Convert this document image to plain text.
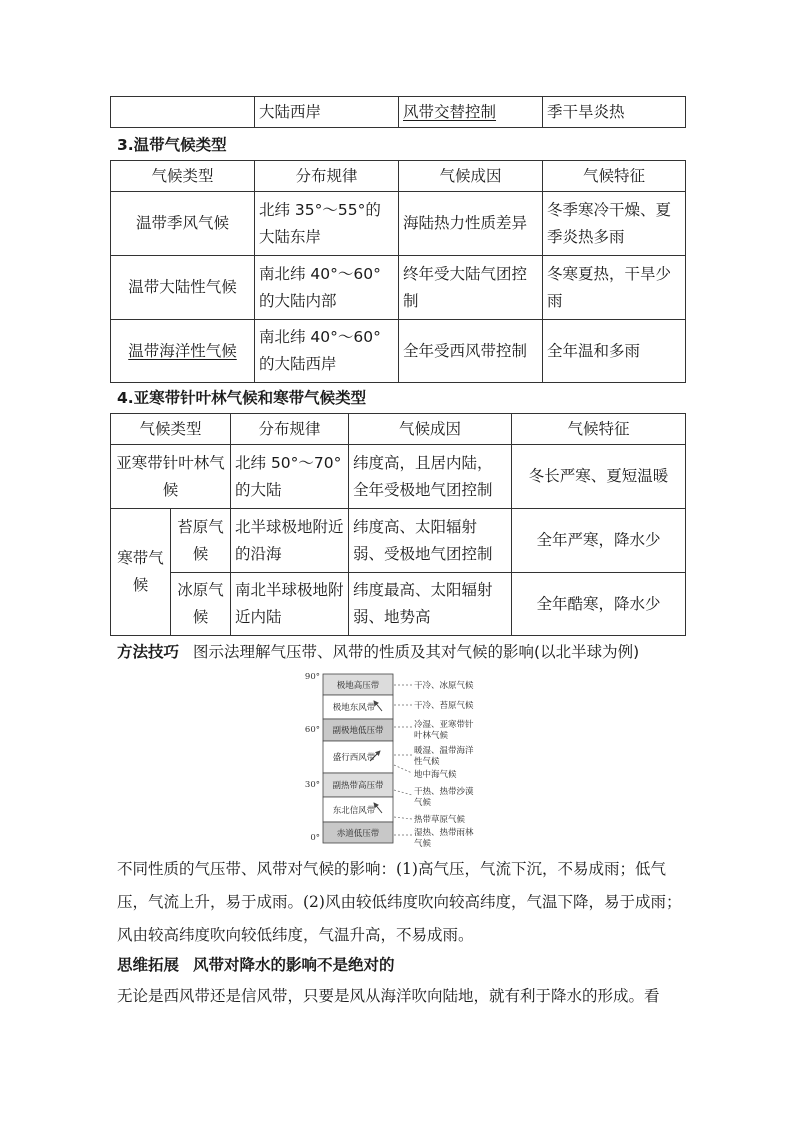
	大陆西岸	风带交替控制	季干旱炎热
3.温带气候类型
气候类型	分布规律	气候成因	气候特征
温带季风气候	北纬 35°～55°的大陆东岸	海陆热力性质差异	冬季寒冷干燥、夏季炎热多雨
温带大陆性气候	南北纬 40°～60°的大陆内部	终年受大陆气团控制	冬寒夏热，干旱少雨
温带海洋性气候	南北纬 40°～60°的大陆西岸	全年受西风带控制	全年温和多雨
4.亚寒带针叶林气候和寒带气候类型
气候类型		分布规律	气候成因	气候特征
亚寒带针叶林气候		北纬 50°～70°的大陆	纬度高，且居内陆，全年受极地气团控制	冬长严寒、夏短温暖
寒带气候	苔原气候	北半球极地附近的沿海	纬度高、太阳辐射弱、受极地气团控制	全年严寒，降水少
	冰原气候	南北半球极地附近内陆	纬度最高、太阳辐射弱、地势高	全年酷寒，降水少
方法技巧 图示法理解气压带、风带的性质及其对气候的影响(以北半球为例)
90°
60°
30°
0°
极地高压带
极地东风带
副极地低压带
盛行西风带
副热带高压带
东北信风带
赤道低压带
干冷、冰原气候
干冷、苔原气候
冷湿、亚寒带针叶林气候
暖湿、温带海洋性气候
地中海气候
干热、热带沙漠气候
热带草原气候
湿热、热带雨林气候
不同性质的气压带、风带对气候的影响：(1)高气压，气流下沉，不易成雨；低气压，气流上升，易于成雨。(2)风由较低纬度吹向较高纬度，气温下降，易于成雨；风由较高纬度吹向较低纬度，气温升高，不易成雨。
思维拓展 风带对降水的影响不是绝对的
无论是西风带还是信风带，只要是风从海洋吹向陆地，就有利于降水的形成。看
